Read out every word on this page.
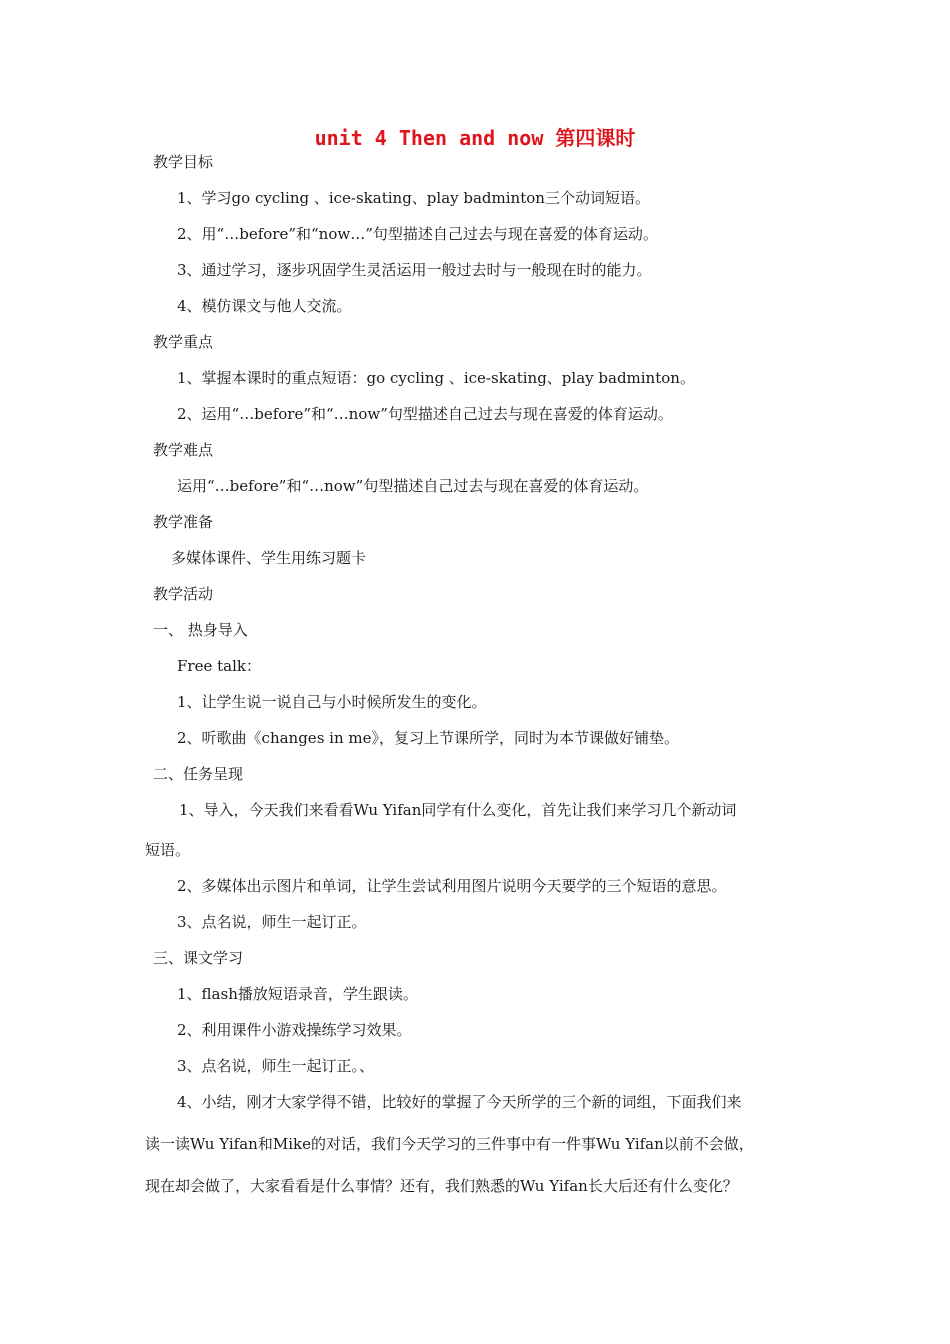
unit 4 Then and now 第四课时
教学目标
1、学习go cycling 、ice-skating、play badminton三个动词短语。
2、用“…before”和“now…”句型描述自己过去与现在喜爱的体育运动。
3、通过学习，逐步巩固学生灵活运用一般过去时与一般现在时的能力。
4、模仿课文与他人交流。
教学重点
1、掌握本课时的重点短语：go cycling 、ice-skating、play badminton。
2、运用“…before”和“…now”句型描述自己过去与现在喜爱的体育运动。
教学难点
运用“…before”和“…now”句型描述自己过去与现在喜爱的体育运动。
教学准备
多媒体课件、学生用练习题卡
教学活动
一、 热身导入
Free talk：
1、让学生说一说自己与小时候所发生的变化。
2、听歌曲《changes in me》，复习上节课所学，同时为本节课做好铺垫。
二、任务呈现
1、导入，今天我们来看看Wu Yifan同学有什么变化，首先让我们来学习几个新动词
短语。
2、多媒体出示图片和单词，让学生尝试利用图片说明今天要学的三个短语的意思。
3、点名说，师生一起订正。
三、课文学习
1、flash播放短语录音，学生跟读。
2、利用课件小游戏操练学习效果。
3、点名说，师生一起订正。、
4、小结，刚才大家学得不错，比较好的掌握了今天所学的三个新的词组，下面我们来
读一读Wu Yifan和Mike的对话，我们今天学习的三件事中有一件事Wu Yifan以前不会做，
现在却会做了，大家看看是什么事情？还有，我们熟悉的Wu Yifan长大后还有什么变化？
